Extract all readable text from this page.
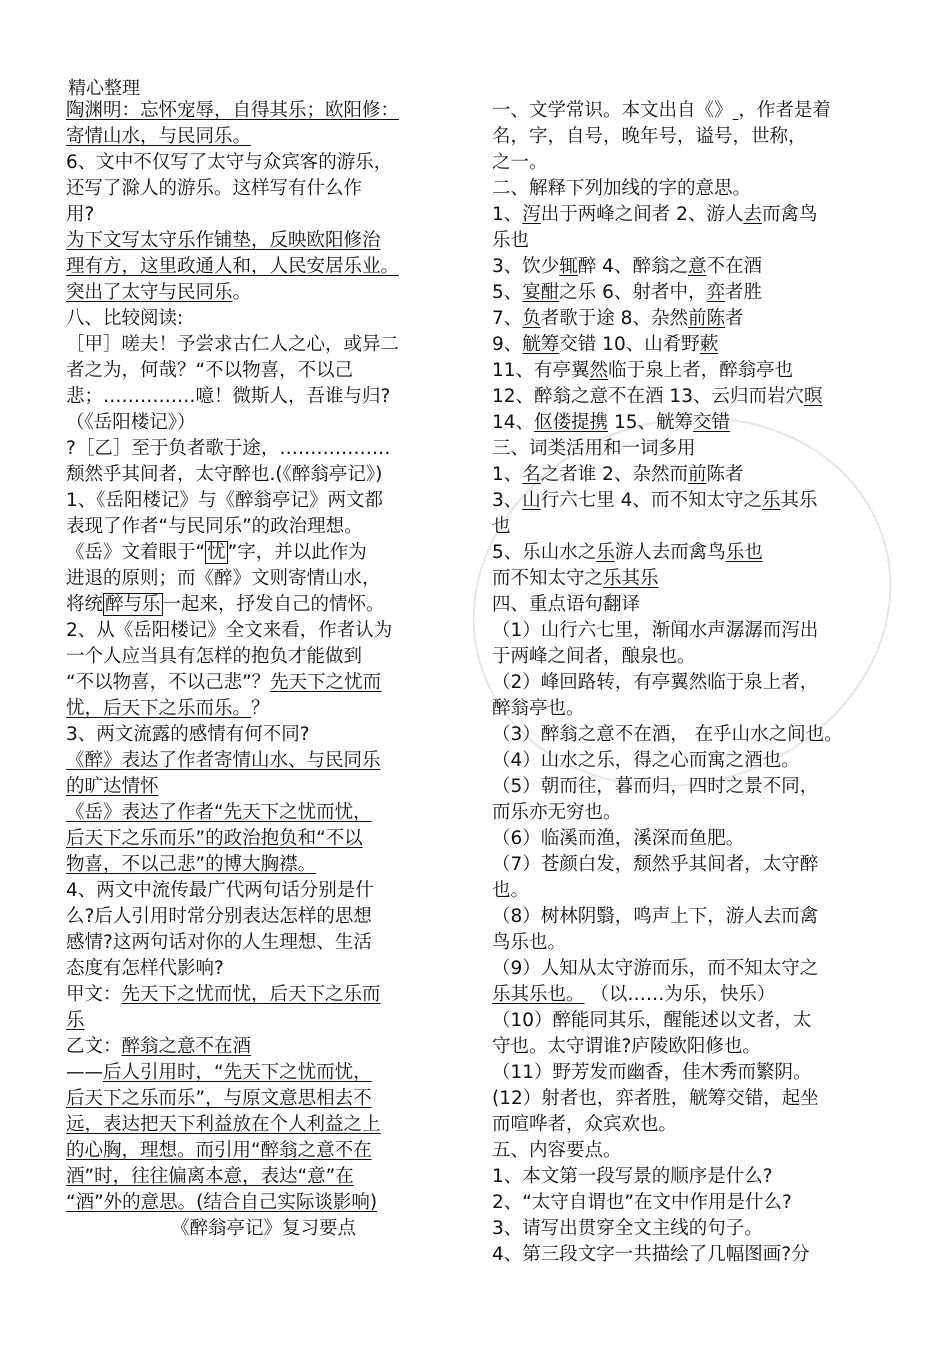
精心整理
陶渊明：忘怀宠辱，自得其乐；欧阳修：
寄情山水，与民同乐。
6、文中不仅写了太守与众宾客的游乐，
还写了滁人的游乐。这样写有什么作
用?
为下文写太守乐作铺垫，反映欧阳修治
理有方，这里政通人和，人民安居乐业。
突出了太守与民同乐。
八、比较阅读:
［甲］嗟夫！予尝求古仁人之心，或异二
者之为，何哉？“不以物喜，不以己
悲；……………噫！微斯人，吾谁与归?
（《岳阳楼记》）
?［乙］至于负者歌于途，………………
颓然乎其间者，太守醉也.(《醉翁亭记》)
1、《岳阳楼记》与《醉翁亭记》两文都
表现了作者“与民同乐”的政治理想。
《岳》文着眼于“ 忧 ”字，并以此作为
进退的原则；而《醉》文则寄情山水，
将统 醉与乐 一起来，抒发自己的情怀。
2、从《岳阳楼记》全文来看，作者认为
一个人应当具有怎样的抱负才能做到
“不以物喜，不以己悲”？先天下之忧而
忧，后天下之乐而乐。？
3、两文流露的感情有何不同?
《醉》表达了作者寄情山水、与民同乐
的旷达情怀
《岳》表达了作者“先天下之忧而忧，
后天下之乐而乐”的政治抱负和“不以
物喜，不以己悲”的博大胸襟。
4、两文中流传最广代两句话分别是什
么?后人引用时常分别表达怎样的思想
感情?这两句话对你的人生理想、生活
态度有怎样代影响?
甲文：先天下之忧而忧，后天下之乐而
乐
乙文：醉翁之意不在酒
——后人引用时，“先天下之忧而忧，
后天下之乐而乐”，与原文意思相去不
远，表达把天下利益放在个人利益之上
的心胸，理想。而引用“醉翁之意不在
酒”时，往往偏离本意，表达“意”在
“酒”外的意思。(结合自己实际谈影响)
《醉翁亭记》复习要点
一、文学常识。本文出自《》 ，作者是着
名，字，自号，晚年号，谥号，世称，
之一。
二、解释下列加线的字的意思。
1、泻出于两峰之间者 2、游人去而禽鸟
乐也
3、饮少辄醉 4、醉翁之意不在酒
5、宴酣之乐 6、射者中，弈者胜
7、负者歌于途 8、杂然前陈者
9、觥筹交错 10、山肴野蔌
11、有亭翼然临于泉上者，醉翁亭也
12、醉翁之意不在酒 13、云归而岩穴暝
14、伛偻提携 15、觥筹交错
三、词类活用和一词多用
1、名之者谁 2、杂然而前陈者
3、山行六七里 4、而不知太守之乐其乐
也
5、乐山水之乐游人去而禽鸟乐也
而不知太守之乐其乐
四、重点语句翻译
（1）山行六七里，渐闻水声潺潺而泻出
于两峰之间者，酿泉也。
（2）峰回路转，有亭翼然临于泉上者，
醉翁亭也。
（3）醉翁之意不在酒， 在乎山水之间也。
（4）山水之乐，得之心而寓之酒也。
（5）朝而往，暮而归，四时之景不同，
而乐亦无穷也。
（6）临溪而渔，溪深而鱼肥。
（7）苍颜白发，颓然乎其间者，太守醉
也。
（8）树林阴翳，鸣声上下，游人去而禽
鸟乐也。
（9）人知从太守游而乐，而不知太守之
乐其乐也。 （以……为乐，快乐）
（10）醉能同其乐，醒能述以文者，太
守也。太守谓谁?庐陵欧阳修也。
（11）野芳发而幽香，佳木秀而繁阴。
(12）射者也，弈者胜，觥筹交错，起坐
而喧哗者，众宾欢也。
五、内容要点。
1、本文第一段写景的顺序是什么?
2、“太守自谓也”在文中作用是什么?
3、请写出贯穿全文主线的句子。
4、第三段文字一共描绘了几幅图画?分
